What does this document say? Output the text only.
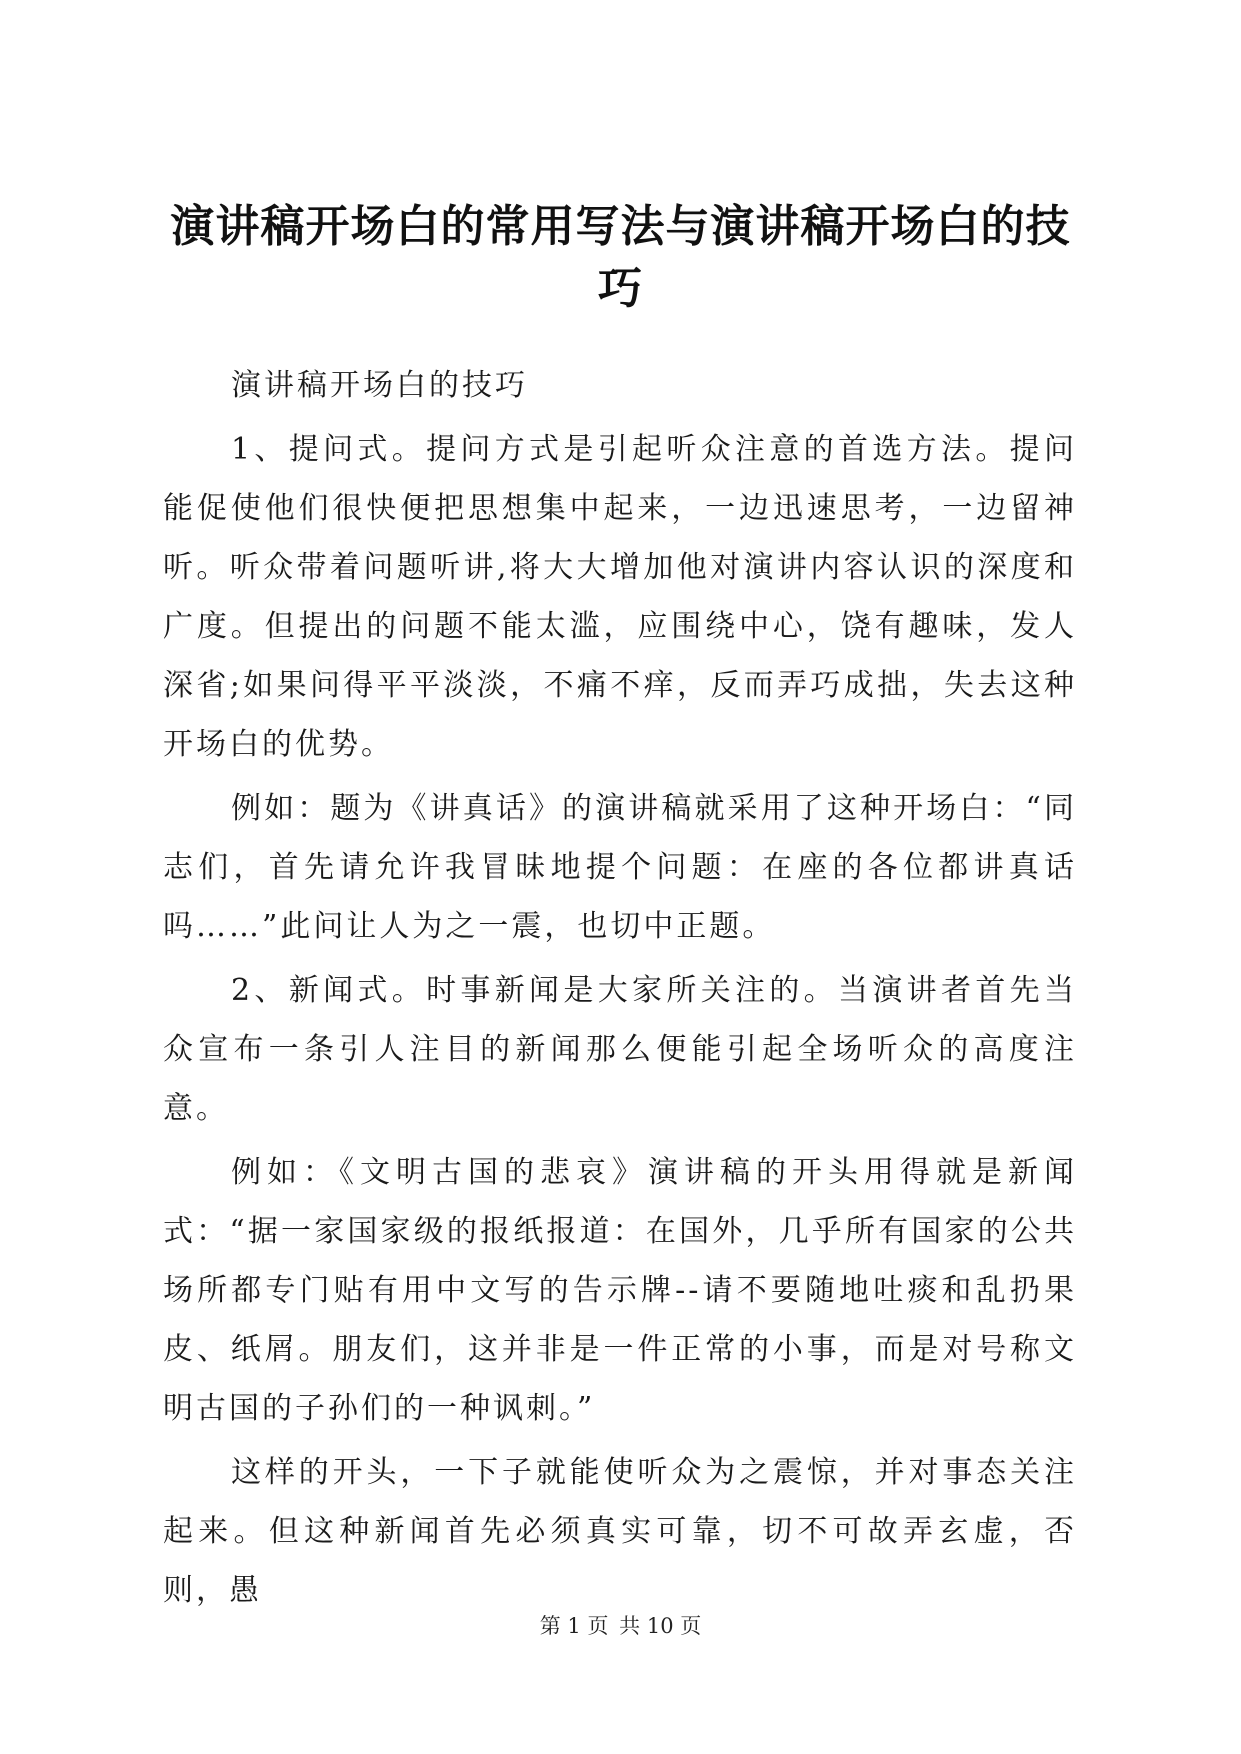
演讲稿开场白的常用写法与演讲稿开场白的技巧

演讲稿开场白的技巧

1、提问式。提问方式是引起听众注意的首选方法。提问能促使他们很快便把思想集中起来，一边迅速思考，一边留神听。听众带着问题听讲,将大大增加他对演讲内容认识的深度和广度。但提出的问题不能太滥，应围绕中心，饶有趣味，发人深省;如果问得平平淡淡，不痛不痒，反而弄巧成拙，失去这种开场白的优势。

例如：题为《讲真话》的演讲稿就采用了这种开场白：“同志们，首先请允许我冒昧地提个问题：在座的各位都讲真话吗……”此问让人为之一震，也切中正题。

2、新闻式。时事新闻是大家所关注的。当演讲者首先当众宣布一条引人注目的新闻那么便能引起全场听众的高度注意。

例如：《文明古国的悲哀》演讲稿的开头用得就是新闻式：“据一家国家级的报纸报道：在国外，几乎所有国家的公共场所都专门贴有用中文写的告示牌--请不要随地吐痰和乱扔果皮、纸屑。朋友们，这并非是一件正常的小事，而是对号称文明古国的子孙们的一种讽刺。”

这样的开头，一下子就能使听众为之震惊，并对事态关注起来。但这种新闻首先必须真实可靠，切不可故弄玄虚，否则，愚

第 1 页 共 10 页
